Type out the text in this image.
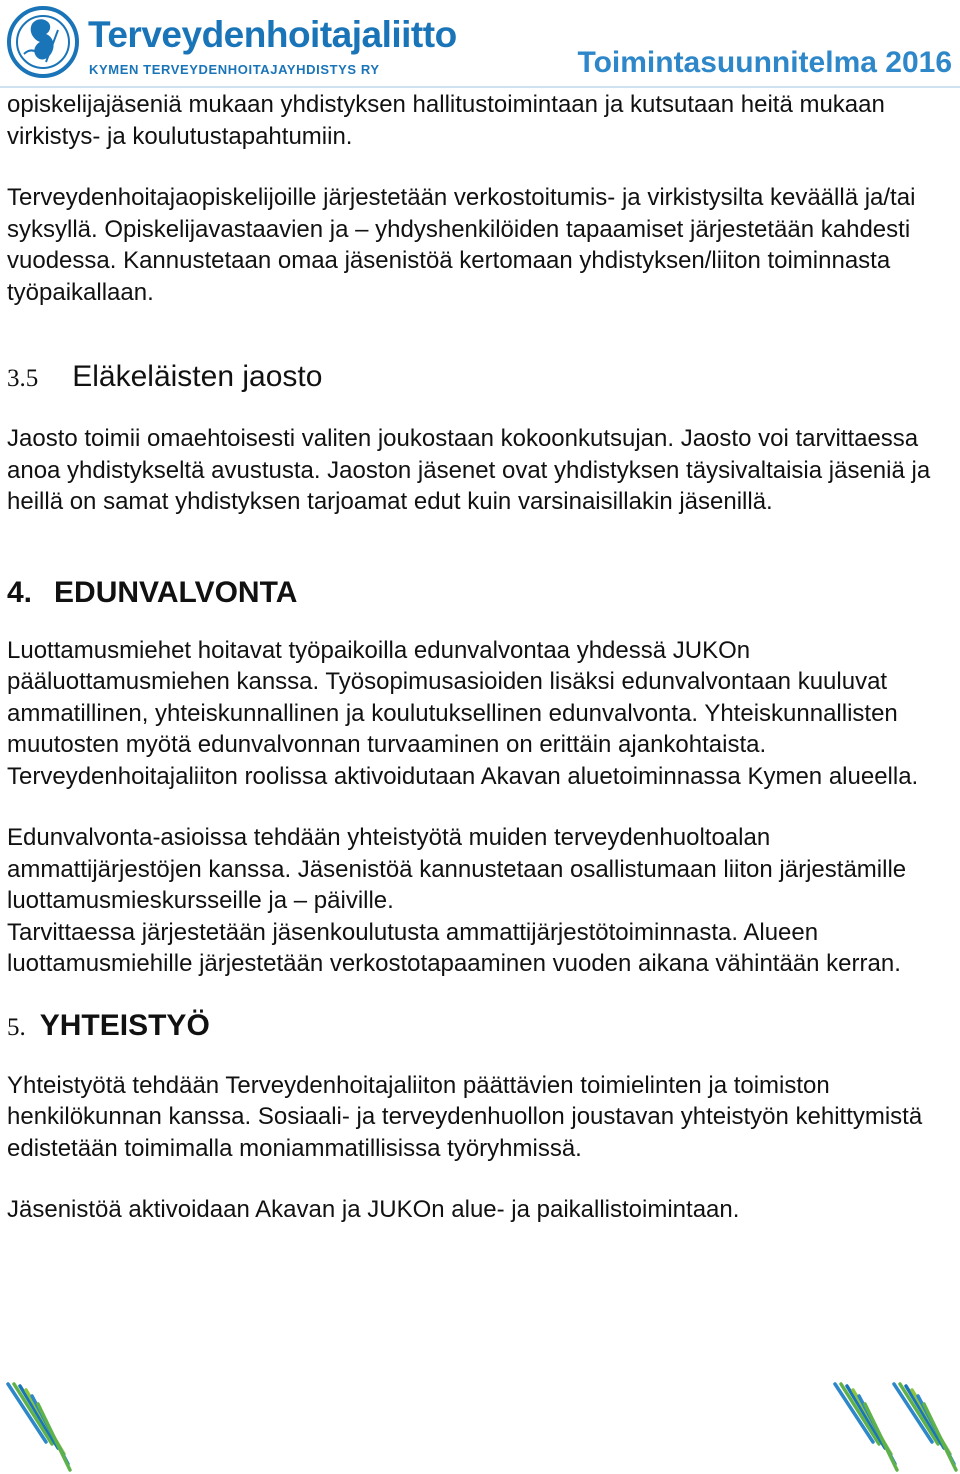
Terveydenhoitajaliitto
KYMEN TERVEYDENHOITAJAYHDISTYS RY	Toimintasuunnitelma 2016

opiskelijajäseniä mukaan yhdistyksen hallitustoimintaan ja kutsutaan heitä mukaan virkistys- ja koulutustapahtumiin.

Terveydenhoitajaopiskelijoille järjestetään verkostoitumis- ja virkistysilta keväällä ja/tai syksyllä. Opiskelijavastaavien ja – yhdyshenkilöiden tapaamiset järjestetään kahdesti vuodessa. Kannustetaan omaa jäsenistöä kertomaan yhdistyksen/liiton toiminnasta työpaikallaan.

3.5 Eläkeläisten jaosto

Jaosto toimii omaehtoisesti valiten joukostaan kokoonkutsujan. Jaosto voi tarvittaessa anoa yhdistykseltä avustusta. Jaoston jäsenet ovat yhdistyksen täysivaltaisia jäseniä ja heillä on samat yhdistyksen tarjoamat edut kuin varsinaisillakin jäsenillä.

4. EDUNVALVONTA

Luottamusmiehet hoitavat työpaikoilla edunvalvontaa yhdessä JUKOn pääluottamusmiehen kanssa. Työsopimusasioiden lisäksi edunvalvontaan kuuluvat ammatillinen, yhteiskunnallinen ja koulutuksellinen edunvalvonta. Yhteiskunnallisten muutosten myötä edunvalvonnan turvaaminen on erittäin ajankohtaista. Terveydenhoitajaliiton roolissa aktivoidutaan Akavan aluetoiminnassa Kymen alueella.

Edunvalvonta-asioissa tehdään yhteistyötä muiden terveydenhuoltoalan ammattijärjestöjen kanssa. Jäsenistöä kannustetaan osallistumaan liiton järjestämille luottamusmieskursseille ja – päiville.

Tarvittaessa järjestetään jäsenkoulutusta ammattijärjestötoiminnasta. Alueen luottamusmiehille järjestetään verkostotapaaminen vuoden aikana vähintään kerran.

5. YHTEISTYÖ

Yhteistyötä tehdään Terveydenhoitajaliiton päättävien toimielinten ja toimiston henkilökunnan kanssa. Sosiaali- ja terveydenhuollon joustavan yhteistyön kehittymistä edistetään toimimalla moniammatillisissa työryhmissä.

Jäsenistöä aktivoidaan Akavan ja JUKOn alue- ja paikallistoimintaan.
